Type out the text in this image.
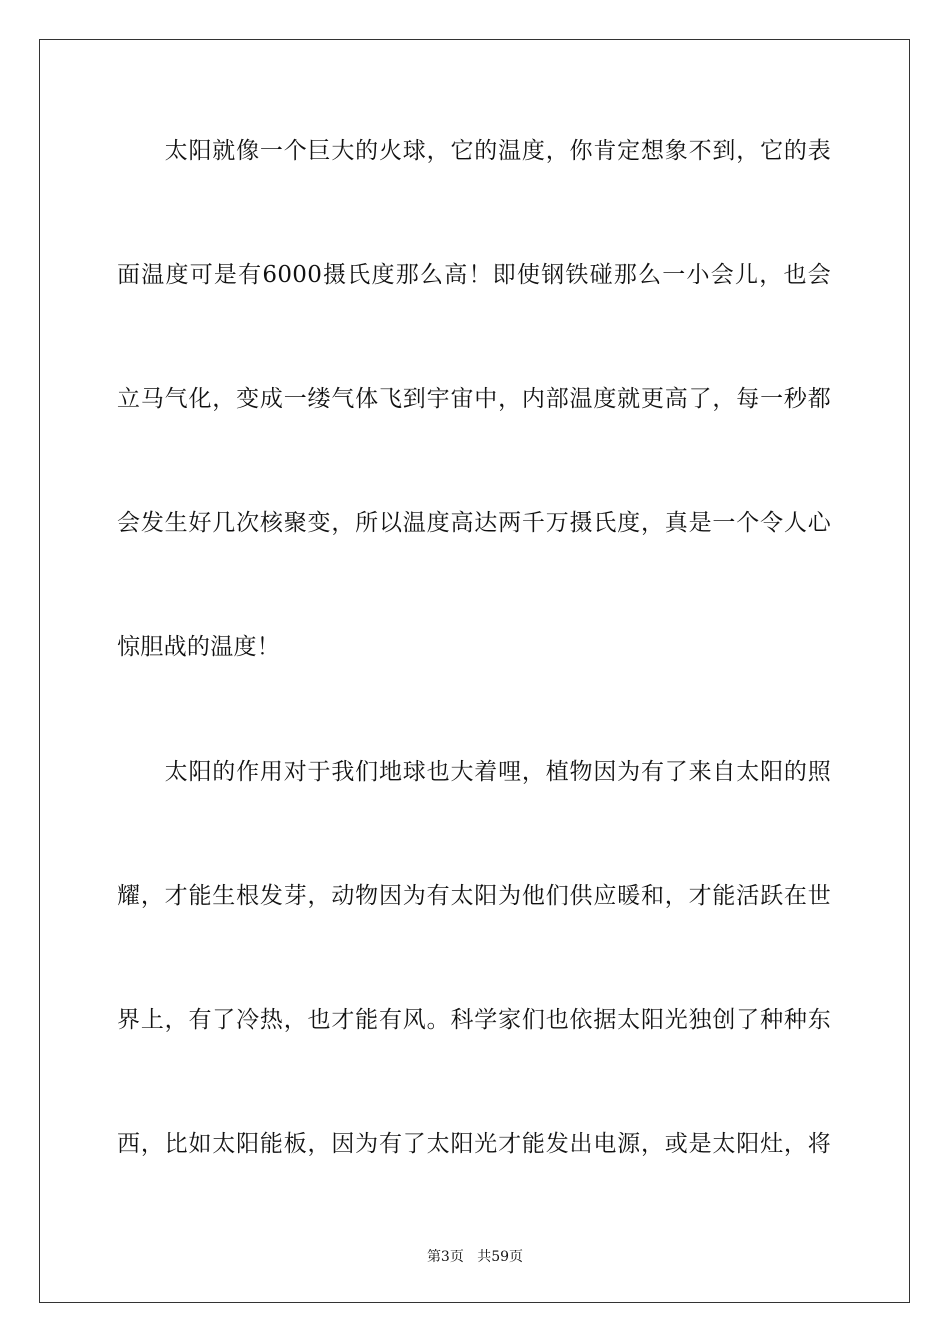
　　太阳就像一个巨大的火球，它的温度，你肯定想象不到，它的表
面温度可是有6000摄氏度那么高！即使钢铁碰那么一小会儿，也会
立马气化，变成一缕气体飞到宇宙中，内部温度就更高了，每一秒都
会发生好几次核聚变，所以温度高达两千万摄氏度，真是一个令人心
惊胆战的温度！
　　太阳的作用对于我们地球也大着哩，植物因为有了来自太阳的照
耀，才能生根发芽，动物因为有太阳为他们供应暖和，才能活跃在世
界上，有了冷热，也才能有风。科学家们也依据太阳光独创了种种东
西，比如太阳能板，因为有了太阳光才能发出电源，或是太阳灶，将
第3页 共59页
